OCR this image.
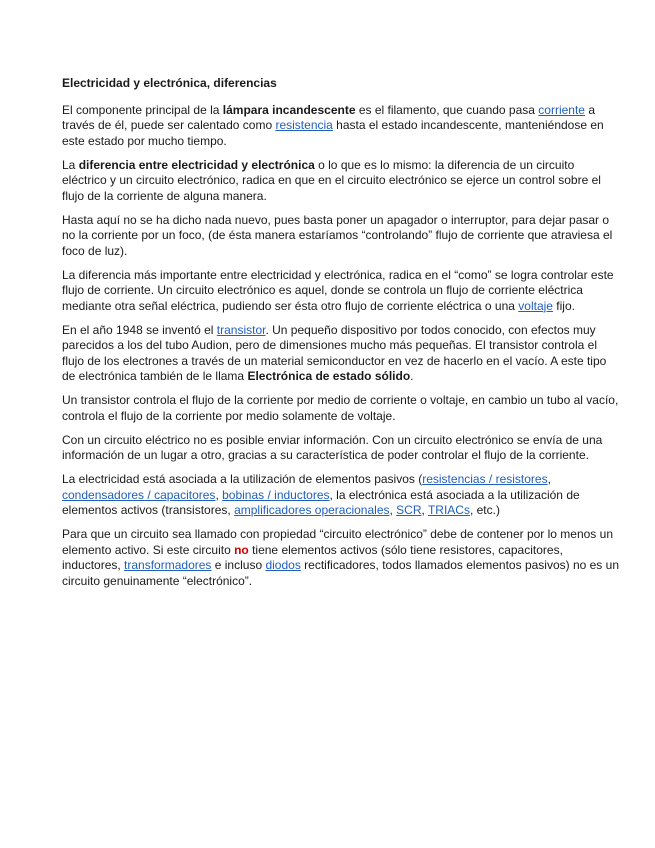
Electricidad y electrónica, diferencias

El componente principal de la lámpara incandescente es el filamento, que cuando pasa corriente a través de él, puede ser calentado como resistencia hasta el estado incandescente, manteniéndose en este estado por mucho tiempo.

La diferencia entre electricidad y electrónica o lo que es lo mismo: la diferencia de un circuito eléctrico y un circuito electrónico, radica en que en el circuito electrónico se ejerce un control sobre el flujo de la corriente de alguna manera.

Hasta aquí no se ha dicho nada nuevo, pues basta poner un apagador o interruptor, para dejar pasar o no la corriente por un foco, (de ésta manera estaríamos “controlando” flujo de corriente que atraviesa el foco de luz).

La diferencia más importante entre electricidad y electrónica, radica en el “como” se logra controlar este flujo de corriente. Un circuito electrónico es aquel, donde se controla un flujo de corriente eléctrica mediante otra señal eléctrica, pudiendo ser ésta otro flujo de corriente eléctrica o una voltaje fijo.

En el año 1948 se inventó el transistor. Un pequeño dispositivo por todos conocido, con efectos muy parecidos a los del tubo Audion, pero de dimensiones mucho más pequeñas. El transistor controla el flujo de los electrones a través de un material semiconductor en vez de hacerlo en el vacío. A este tipo de electrónica también de le llama Electrónica de estado sólido.

Un transistor controla el flujo de la corriente por medio de corriente o voltaje, en cambio un tubo al vacío, controla el flujo de la corriente por medio solamente de voltaje.

Con un circuito eléctrico no es posible enviar información. Con un circuito electrónico se envía de una información de un lugar a otro, gracias a su característica de poder controlar el flujo de la corriente.

La electricidad está asociada a la utilización de elementos pasivos (resistencias / resistores, condensadores / capacitores, bobinas / inductores, la electrónica está asociada a la utilización de elementos activos (transistores, amplificadores operacionales, SCR, TRIACs, etc.)

Para que un circuito sea llamado con propiedad “circuito electrónico” debe de contener por lo menos un elemento activo. Si este circuito no tiene elementos activos (sólo tiene resistores, capacitores, inductores, transformadores e incluso diodos rectificadores, todos llamados elementos pasivos) no es un circuito genuinamente “electrónico”.
